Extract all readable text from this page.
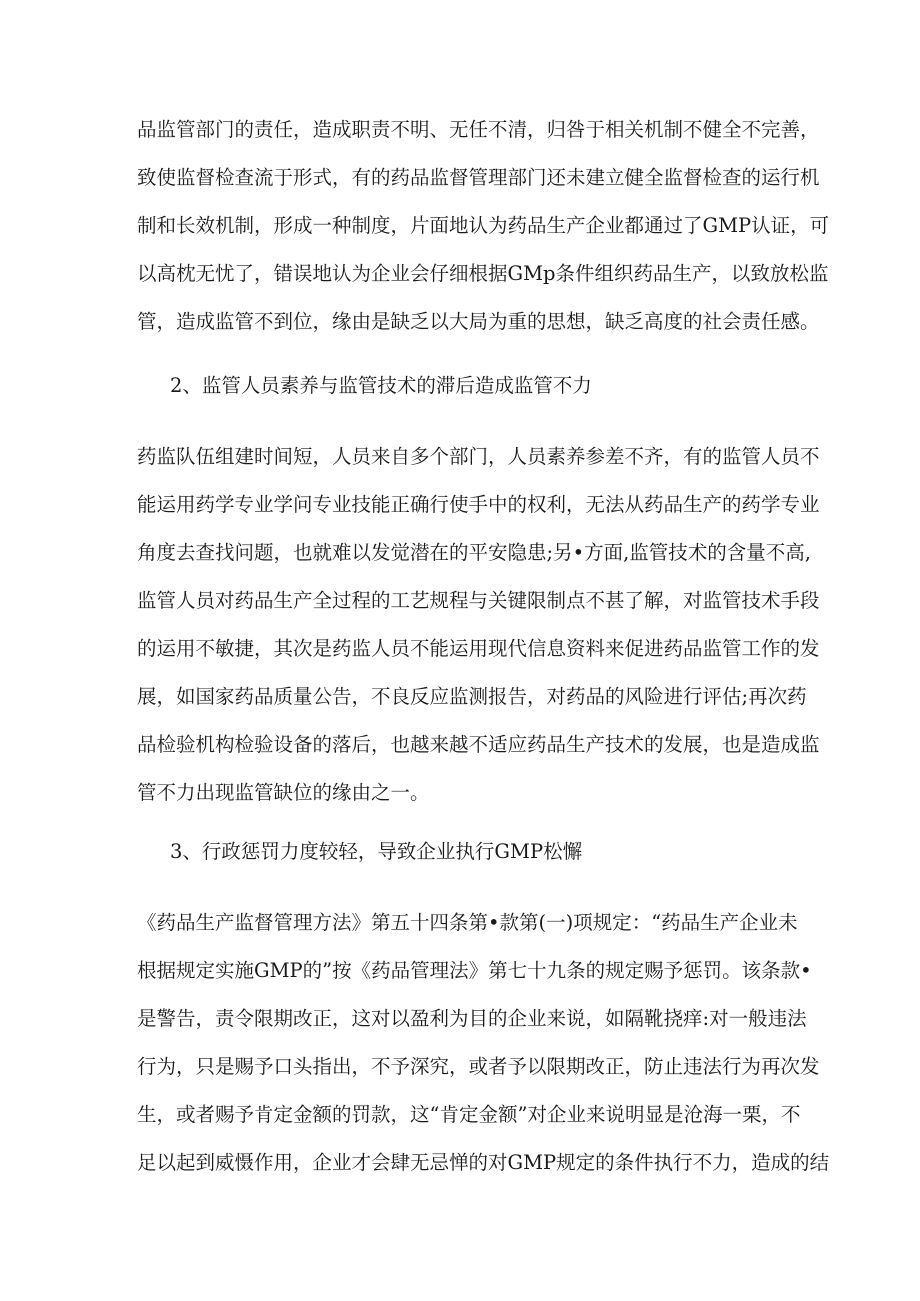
品监管部门的责任，造成职责不明、无任不清，归咎于相关机制不健全不完善，
致使监督检查流于形式，有的药品监督管理部门还未建立健全监督检查的运行机
制和长效机制，形成一种制度，片面地认为药品生产企业都通过了GMP认证，可
以高枕无忧了，错误地认为企业会仔细根据GMp条件组织药品生产，以致放松监
管，造成监管不到位，缘由是缺乏以大局为重的思想，缺乏高度的社会责任感。
2、监管人员素养与监管技术的滞后造成监管不力
药监队伍组建时间短，人员来自多个部门，人员素养参差不齐，有的监管人员不
能运用药学专业学问专业技能正确行使手中的权利，无法从药品生产的药学专业
角度去查找问题，也就难以发觉潜在的平安隐患;另•方面,监管技术的含量不高,
监管人员对药品生产全过程的工艺规程与关键限制点不甚了解，对监管技术手段
的运用不敏捷，其次是药监人员不能运用现代信息资料来促进药品监管工作的发
展，如国家药品质量公告，不良反应监测报告，对药品的风险进行评估;再次药
品检验机构检验设备的落后，也越来越不适应药品生产技术的发展，也是造成监
管不力出现监管缺位的缘由之一。
3、行政惩罚力度较轻，导致企业执行GMP松懈
《药品生产监督管理方法》第五十四条第•款第(一)项规定：“药品生产企业未
根据规定实施GMP的”按《药品管理法》第七十九条的规定赐予惩罚。该条款•
是警告，责令限期改正，这对以盈利为目的企业来说，如隔靴挠痒:对一般违法
行为，只是赐予口头指出，不予深究，或者予以限期改正，防止违法行为再次发
生，或者赐予肯定金额的罚款，这“肯定金额”对企业来说明显是沧海一栗，不
足以起到威慑作用，企业才会肆无忌惮的对GMP规定的条件执行不力，造成的结
